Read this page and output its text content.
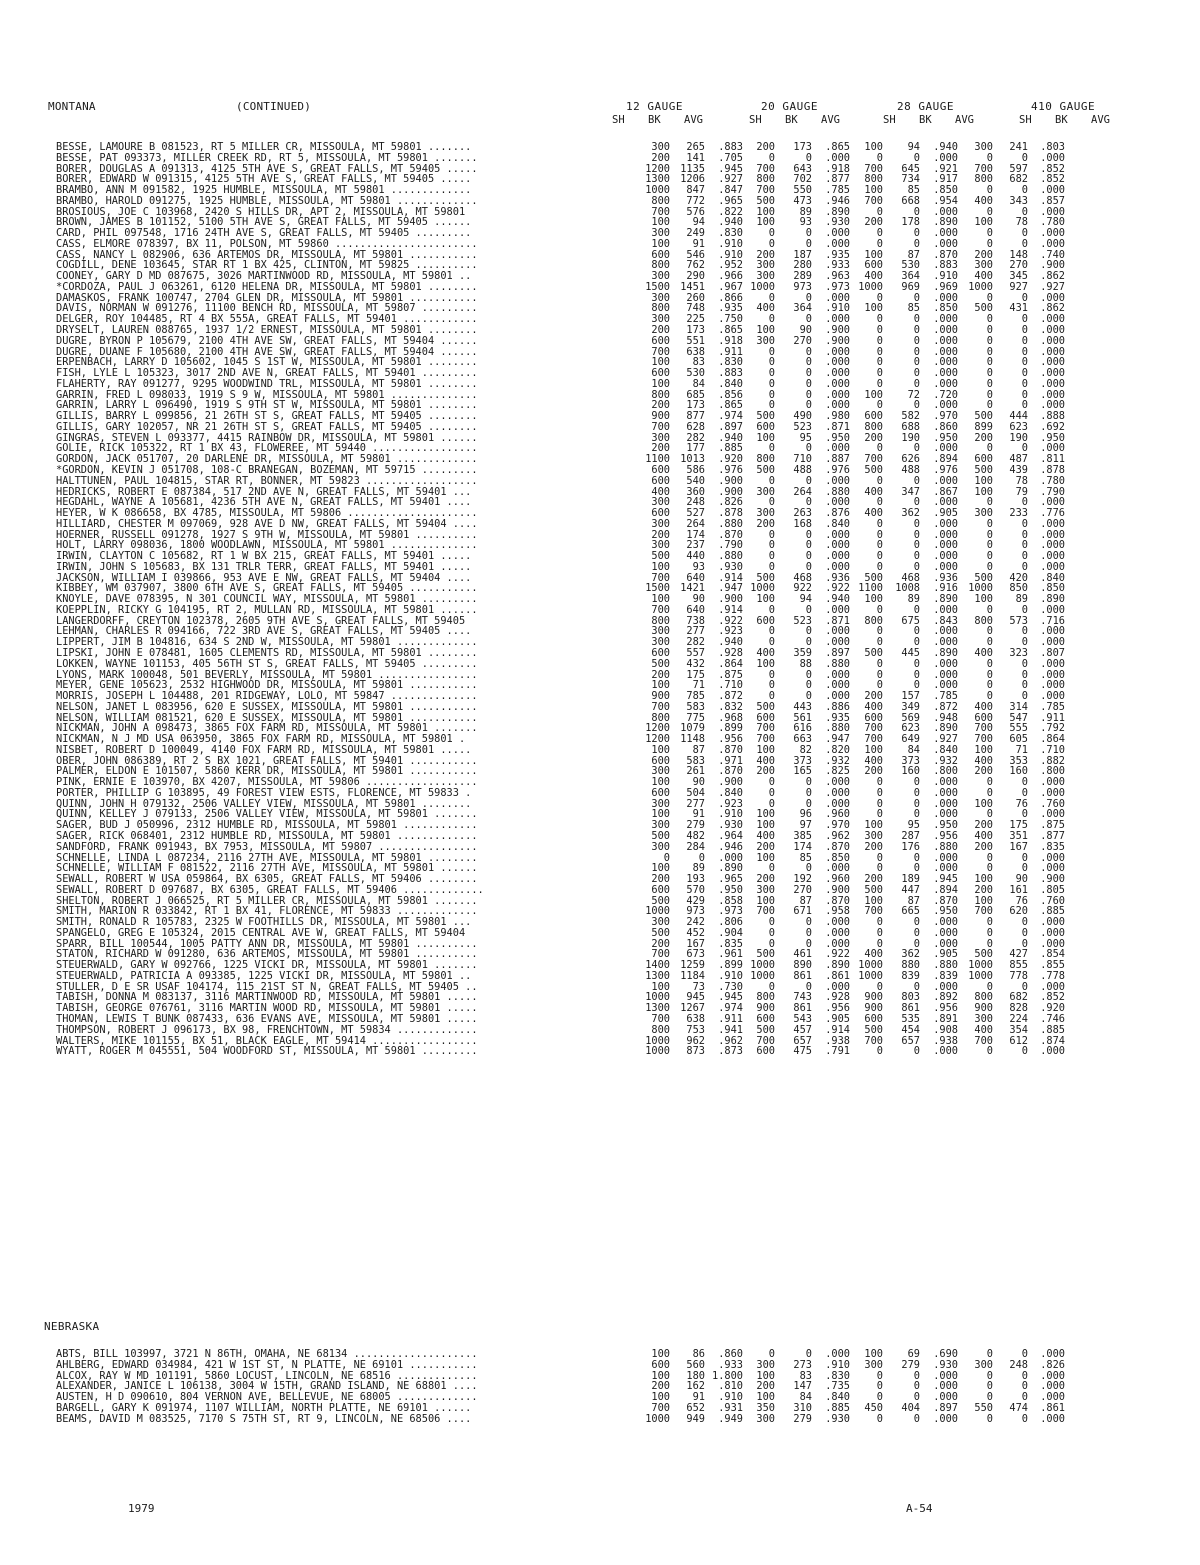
MONTANA	(CONTINUED)	12 GAUGE	20 GAUGE	28 GAUGE	410 GAUGE
SH BK AVG	SH BK AVG	SH BK AVG	SH BK AVG
BESSE, LAMOURE B 081523, RT 5 MILLER CR, MISSOULA, MT 59801 .......	300	265	.883	200	173	.865	100	94	.940	300	241	.803
BESSE, PAT 093373, MILLER CREEK RD, RT 5, MISSOULA, MT 59801 .......	200	141	.705	0	0	.000	0	0	.000	0	0	.000
BORER, DOUGLAS A 091313, 4125 5TH AVE S, GREAT FALLS, MT 59405 .....	1200 1135	.945	700	643	.918	700	645	.921	700	597	.852
BORER, EDWARD W 091315, 4125 5TH AVE S, GREAT FALLS, MT 59405 .....	1300 1206	.927	800	702	.877	800	734	.917	800	682	.852
BRAMBO, ANN M 091582, 1925 HUMBLE, MISSOULA, MT 59801 .............	1000	847	.847	700	550	.785	100	85	.850	0	0	.000
BRAMBO, HAROLD 091275, 1925 HUMBLE, MISSOULA, MT 59801 .............	800	772	.965	500	473	.946	700	668	.954	400	343	.857
BROSIOUS, JOE C 103968, 2420 S HILLS DR, APT 2, MISSOULA, MT 59801	700	576	.822	100	89	.890	0	0	.000	0	0	.000
BROWN, JAMES B 101152, 5100 5TH AVE S, GREAT FALLS, MT 59405 ......	100	94	.940	100	93	.930	200	178	.890	100	78	.780
CARD, PHIL 097548, 1716 24TH AVE S, GREAT FALLS, MT 59405 .........	300	249	.830	0	0	.000	0	0	.000	0	0	.000
CASS, ELMORE 078397, BX 11, POLSON, MT 59860 .......................	100	91	.910	0	0	.000	0	0	.000	0	0	.000
CASS, NANCY L 082906, 636 ARTEMOS DR, MISSOULA, MT 59801 ...........	600	546	.910	200	187	.935	100	87	.870	200	148	.740
COGDILL, DENE 103645, STAR RT 1 BX 425, CLINTON, MT 59825 ..........	800	762	.952	300	280	.933	600	530	.883	300	270	.900
COONEY, GARY D MD 087675, 3026 MARTINWOOD RD, MISSOULA, MT 59801 ..	300	290	.966	300	289	.963	400	364	.910	400	345	.862
*CORDOZA, PAUL J 063261, 6120 HELENA DR, MISSOULA, MT 59801 ........	1500 1451	.967 1000	973	.973 1000	969	.969 1000	927	.927
DAMASKOS, FRANK 100747, 2704 GLEN DR, MISSOULA, MT 59801 ...........	300	260	.866	0	0	.000	0	0	.000	0	0	.000
DAVIS, NORMAN W 091276, 11100 BENCH RD, MISSOULA, MT 59807 .........	800	748	.935	400	364	.910	100	85	.850	500	431	.862
DELGER, ROY 104485, RT 4 BX 555A, GREAT FALLS, MT 59401 ............	300	225	.750	0	0	.000	0	0	.000	0	0	.000
DRYSELT, LAUREN 088765, 1937 1/2 ERNEST, MISSOULA, MT 59801 ........	200	173	.865	100	90	.900	0	0	.000	0	0	.000
DUGRE, BYRON P 105679, 2100 4TH AVE SW, GREAT FALLS, MT 59404 ......	600	551	.918	300	270	.900	0	0	.000	0	0	.000
DUGRE, DUANE F 105680, 2100 4TH AVE SW, GREAT FALLS, MT 59404 ......	700	638	.911	0	0	.000	0	0	.000	0	0	.000
ERPENBACH, LARRY D 105602, 1045 S 1ST W, MISSOULA, MT 59801 ........	100	83	.830	0	0	.000	0	0	.000	0	0	.000
FISH, LYLE L 105323, 3017 2ND AVE N, GREAT FALLS, MT 59401 .........	600	530	.883	0	0	.000	0	0	.000	0	0	.000
FLAHERTY, RAY 091277, 9295 WOODWIND TRL, MISSOULA, MT 59801 ........	100	84	.840	0	0	.000	0	0	.000	0	0	.000
GARRIN, FRED L 098033, 1919 S 9 W, MISSOULA, MT 59801 ..............	800	685	.856	0	0	.000	100	72	.720	0	0	.000
GARRIN, LARRY L 096490, 1919 S 9TH ST W, MISSOULA, MT 59801 ........	200	173	.865	0	0	.000	0	0	.000	0	0	.000
GILLIS, BARRY L 099856, 21 26TH ST S, GREAT FALLS, MT 59405 ........	900	877	.974	500	490	.980	600	582	.970	500	444	.888
GILLIS, GARY 102057, NR 21 26TH ST S, GREAT FALLS, MT 59405 ........	700	628	.897	600	523	.871	800	688	.860	899	623	.692
GINGRAS, STEVEN L 093377, 4415 RAINBOW DR, MISSOULA, MT 59801 ......	300	282	.940	100	95	.950	200	190	.950	200	190	.950
GOLIE, RICK 105322, RT 1 BX 43, FLOWEREE, MT 59440 .................	200	177	.885	0	0	.000	0	0	.000	0	0	.000
GORDON, JACK 051707, 20 DARLENE DR, MISSOULA, MT 59801 .............	1100 1013	.920	800	710	.887	700	626	.894	600	487	.811
*GORDON, KEVIN J 051708, 108-C BRANEGAN, BOZEMAN, MT 59715 .........	600	586	.976	500	488	.976	500	488	.976	500	439	.878
HALTTUNEN, PAUL 104815, STAR RT, BONNER, MT 59823 ..................	600	540	.900	0	0	.000	0	0	.000	100	78	.780
HEDRICKS, ROBERT E 087384, 517 2ND AVE N, GREAT FALLS, MT 59401 ...	400	360	.900	300	264	.880	400	347	.867	100	79	.790
HEGDAHL, WAYNE A 105681, 4236 5TH AVE N, GREAT FALLS, MT 59401 ....	300	248	.826	0	0	.000	0	0	.000	0	0	.000
HEYER, W K 086658, BX 4785, MISSOULA, MT 59806 .....................	600	527	.878	300	263	.876	400	362	.905	300	233	.776
HILLIARD, CHESTER M 097069, 928 AVE D NW, GREAT FALLS, MT 59404 ....	300	264	.880	200	168	.840	0	0	.000	0	0	.000
HOERNER, RUSSELL 091278, 1927 S 9TH W, MISSOULA, MT 59801 ..........	200	174	.870	0	0	.000	0	0	.000	0	0	.000
HOLT, LARRY 098036, 1800 WOODLAWN, MISSOULA, MT 59801 ..............	300	237	.790	0	0	.000	0	0	.000	0	0	.000
IRWIN, CLAYTON C 105682, RT 1 W BX 215, GREAT FALLS, MT 59401 .....	500	440	.880	0	0	.000	0	0	.000	0	0	.000
IRWIN, JOHN S 105683, BX 131 TRLR TERR, GREAT FALLS, MT 59401 .....	100	93	.930	0	0	.000	0	0	.000	0	0	.000
JACKSON, WILLIAM I 039866, 953 AVE E NW, GREAT FALLS, MT 59404 ....	700	640	.914	500	468	.936	500	468	.936	500	420	.840
KIBBEY, WM 037907, 3800 6TH AVE S, GREAT FALLS, MT 59405 ...........	1500 1421	.947 1000	922	.922 1100	1008	.916 1000	850	.850
KNOYLE, DAVE 078395, N 301 COUNCIL WAY, MISSOULA, MT 59801 .........	100	90	.900	100	94	.940	100	89	.890	100	89	.890
KOEPPLIN, RICKY G 104195, RT 2, MULLAN RD, MISSOULA, MT 59801 ......	700	640	.914	0	0	.000	0	0	.000	0	0	.000
LANGERDORFF, CREYTON 102378, 2605 9TH AVE S, GREAT FALLS, MT 59405	800	738	.922	600	523	.871	800	675	.843	800	573	.716
LEHMAN, CHARLES R 094166, 722 3RD AVE S, GREAT FALLS, MT 59405 ....	300	277	.923	0	0	.000	0	0	.000	0	0	.000
LIPPERT, JIM B 104816, 634 S 2ND W, MISSOULA, MT 59801 .............	300	282	.940	0	0	.000	0	0	.000	0	0	.000
LIPSKI, JOHN E 078481, 1605 CLEMENTS RD, MISSOULA, MT 59801 ........	600	557	.928	400	359	.897	500	445	.890	400	323	.807
LOKKEN, WAYNE 101153, 405 56TH ST S, GREAT FALLS, MT 59405 .........	500	432	.864	100	88	.880	0	0	.000	0	0	.000
LYONS, MARK 100048, 501 BEVERLY, MISSOULA, MT 59801 ................	200	175	.875	0	0	.000	0	0	.000	0	0	.000
MEYER, GENE 105623, 2532 HIGHWOOD DR, MISSOULA, MT 59801 ...........	100	71	.710	0	0	.000	0	0	.000	0	0	.000
MORRIS, JOSEPH L 104488, 201 RIDGEWAY, LOLO, MT 59847 ..............	900	785	.872	0	0	.000	200	157	.785	0	0	.000
NELSON, JANET L 083956, 620 E SUSSEX, MISSOULA, MT 59801 ...........	700	583	.832	500	443	.886	400	349	.872	400	314	.785
NELSON, WILLIAM 081521, 620 E SUSSEX, MISSOULA, MT 59801 ...........	800	775	.968	600	561	.935	600	569	.948	600	547	.911
NICKMAN, JOHN A 098473, 3865 FOX FARM RD, MISSOULA, MT 59801 .......	1200 1079	.899	700	616	.880	700	623	.890	700	555	.792
NICKMAN, N J MD USA 063950, 3865 FOX FARM RD, MISSOULA, MT 59801 .	1200 1148	.956	700	663	.947	700	649	.927	700	605	.864
NISBET, ROBERT D 100049, 4140 FOX FARM RD, MISSOULA, MT 59801 .....	100	87	.870	100	82	.820	100	84	.840	100	71	.710
OBER, JOHN 086389, RT 2 S BX 1021, GREAT FALLS, MT 59401 ...........	600	583	.971	400	373	.932	400	373	.932	400	353	.882
PALMER, ELDON E 101507, 5860 KERR DR, MISSOULA, MT 59801 ...........	300	261	.870	200	165	.825	200	160	.800	200	160	.800
PINK, ERNIE E 103970, BX 4207, MISSOULA, MT 59806 ..................	100	90	.900	0	0	.000	0	0	.000	0	0	.000
PORTER, PHILLIP G 103895, 49 FOREST VIEW ESTS, FLORENCE, MT 59833 .	600	504	.840	0	0	.000	0	0	.000	0	0	.000
QUINN, JOHN H 079132, 2506 VALLEY VIEW, MISSOULA, MT 59801 ........	300	277	.923	0	0	.000	0	0	.000	100	76	.760
QUINN, KELLEY J 079133, 2506 VALLEY VIEW, MISSOULA, MT 59801 .......	100	91	.910	100	96	.960	0	0	.000	0	0	.000
SAGER, BUD J 050996, 2312 HUMBLE RD, MISSOULA, MT 59801 ............	300	279	.930	100	97	.970	100	95	.950	200	175	.875
SAGER, RICK 068401, 2312 HUMBLE RD, MISSOULA, MT 59801 .............	500	482	.964	400	385	.962	300	287	.956	400	351	.877
SANDFORD, FRANK 091943, BX 7953, MISSOULA, MT 59807 ................	300	284	.946	200	174	.870	200	176	.880	200	167	.835
SCHNELLE, LINDA L 087234, 2116 27TH AVE, MISSOULA, MT 59801 ........	0	0	.000	100	85	.850	0	0	.000	0	0	.000
SCHNELLE, WILLIAM F 081522, 2116 27TH AVE, MISSOULA, MT 59801 ......	100	89	.890	0	0	.000	0	0	.000	0	0	.000
SEWALL, ROBERT W USA 059864, BX 6305, GREAT FALLS, MT 59406 ........	200	193	.965	200	192	.960	200	189	.945	100	90	.900
SEWALL, ROBERT D 097687, BX 6305, GREAT FALLS, MT 59406 .............	600	570	.950	300	270	.900	500	447	.894	200	161	.805
SHELTON, ROBERT J 066525, RT 5 MILLER CR, MISSOULA, MT 59801 .......	500	429	.858	100	87	.870	100	87	.870	100	76	.760
SMITH, MARION R 033842, RT 1 BX 41, FLORENCE, MT 59833 .............	1000	973	.973	700	671	.958	700	665	.950	700	620	.885
SMITH, RONALD R 105783, 2325 W FOOTHILLS DR, MISSOULA, MT 59801 ...	300	242	.806	0	0	.000	0	0	.000	0	0	.000
SPANGELO, GREG E 105324, 2015 CENTRAL AVE W, GREAT FALLS, MT 59404	500	452	.904	0	0	.000	0	0	.000	0	0	.000
SPARR, BILL 100544, 1005 PATTY ANN DR, MISSOULA, MT 59801 ..........	200	167	.835	0	0	.000	0	0	.000	0	0	.000
STATON, RICHARD W 091280, 636 ARTEMOS, MISSOULA, MT 59801 ..........	700	673	.961	500	461	.922	400	362	.905	500	427	.854
STEUERWALD, GARY W 092766, 1225 VICKI DR, MISSOULA, MT 59801 .......	1400 1259	.899 1000	890	.890 1000	880	.880 1000	855	.855
STEUERWALD, PATRICIA A 093385, 1225 VICKI DR, MISSOULA, MT 59801 ..	1300 1184	.910 1000	861	.861 1000	839	.839 1000	778	.778
STULLER, D E SR USAF 104174, 115 21ST ST N, GREAT FALLS, MT 59405 ..	100	73	.730	0	0	.000	0	0	.000	0	0	.000
TABISH, DONNA M 083137, 3116 MARTINWOOD RD, MISSOULA, MT 59801 .....	1000	945	.945	800	743	.928	900	803	.892	800	682	.852
TABISH, GEORGE 076761, 3116 MARTIN WOOD RD, MISSOULA, MT 59801 .....	1300 1267	.974	900	861	.956	900	861	.956	900	828	.920
THOMAN, LEWIS T BUNK 087433, 636 EVANS AVE, MISSOULA, MT 59801 .....	700	638	.911	600	543	.905	600	535	.891	300	224	.746
THOMPSON, ROBERT J 096173, BX 98, FRENCHTOWN, MT 59834 .............	800	753	.941	500	457	.914	500	454	.908	400	354	.885
WALTERS, MIKE 101155, BX 51, BLACK EAGLE, MT 59414 .................	1000	962	.962	700	657	.938	700	657	.938	700	612	.874
WYATT, ROGER M 045551, 504 WOODFORD ST, MISSOULA, MT 59801 .........	1000	873	.873	600	475	.791	0	0	.000	0	0	.000
NEBRASKA
ABTS, BILL 103997, 3721 N 86TH, OMAHA, NE 68134 ....................	100	86	.860	0	0	.000	100	69	.690	0	0	.000
AHLBERG, EDWARD 034984, 421 W 1ST ST, N PLATTE, NE 69101 ...........	600	560	.933	300	273	.910	300	279	.930	300	248	.826
ALCOX, RAY W MD 101191, 5860 LOCUST, LINCOLN, NE 68516 .............	100	180 1.800	100	83	.830	0	0	.000	0	0	.000
ALEXANDER, JANICE L 106138, 3004 W 15TH, GRAND ISLAND, NE 68801 ....	200	162	.810	200	147	.735	0	0	.000	0	0	.000
AUSTEN, H D 090610, 804 VERNON AVE, BELLEVUE, NE 68005 .............	100	91	.910	100	84	.840	0	0	.000	0	0	.000
BARGELL, GARY K 091974, 1107 WILLIAM, NORTH PLATTE, NE 69101 ......	700	652	.931	350	310	.885	450	404	.897	550	474	.861
BEAMS, DAVID M 083525, 7170 S 75TH ST, RT 9, LINCOLN, NE 68506 ....	1000	949	.949	300	279	.930	0	0	.000	0	0	.000
1979	A-54
